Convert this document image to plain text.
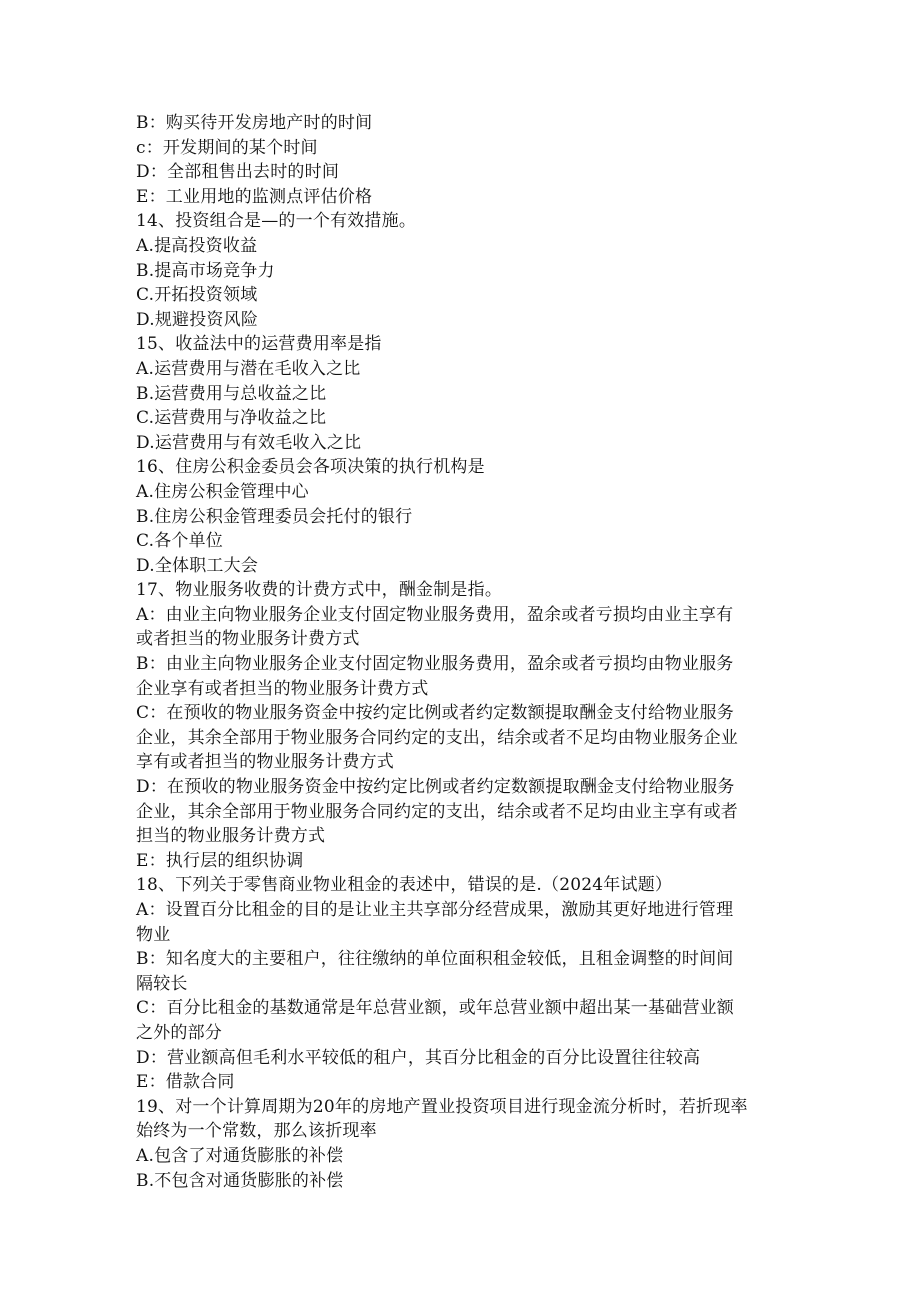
B：购买待开发房地产时的时间

c：开发期间的某个时间

D：全部租售出去时的时间

E：工业用地的监测点评估价格

14、投资组合是—的一个有效措施。

A.提高投资收益

B.提高市场竞争力

C.开拓投资领域

D.规避投资风险

15、收益法中的运营费用率是指

A.运营费用与潜在毛收入之比

B.运营费用与总收益之比

C.运营费用与净收益之比

D.运营费用与有效毛收入之比

16、住房公积金委员会各项决策的执行机构是

A.住房公积金管理中心

B.住房公积金管理委员会托付的银行

C.各个单位

D.全体职工大会

17、物业服务收费的计费方式中，酬金制是指。

A：由业主向物业服务企业支付固定物业服务费用，盈余或者亏损均由业主享有

或者担当的物业服务计费方式

B：由业主向物业服务企业支付固定物业服务费用，盈余或者亏损均由物业服务

企业享有或者担当的物业服务计费方式

C：在预收的物业服务资金中按约定比例或者约定数额提取酬金支付给物业服务

企业，其余全部用于物业服务合同约定的支出，结余或者不足均由物业服务企业

享有或者担当的物业服务计费方式

D：在预收的物业服务资金中按约定比例或者约定数额提取酬金支付给物业服务

企业，其余全部用于物业服务合同约定的支出，结余或者不足均由业主享有或者

担当的物业服务计费方式

E：执行层的组织协调

18、下列关于零售商业物业租金的表述中，错误的是.（2024年试题）

A：设置百分比租金的目的是让业主共享部分经营成果，激励其更好地进行管理

物业

B：知名度大的主要租户，往往缴纳的单位面积租金较低，且租金调整的时间间

隔较长

C：百分比租金的基数通常是年总营业额，或年总营业额中超出某一基础营业额

之外的部分

D：营业额高但毛利水平较低的租户，其百分比租金的百分比设置往往较高

E：借款合同

19、对一个计算周期为20年的房地产置业投资项目进行现金流分析时，若折现率

始终为一个常数，那么该折现率

A.包含了对通货膨胀的补偿

B.不包含对通货膨胀的补偿
